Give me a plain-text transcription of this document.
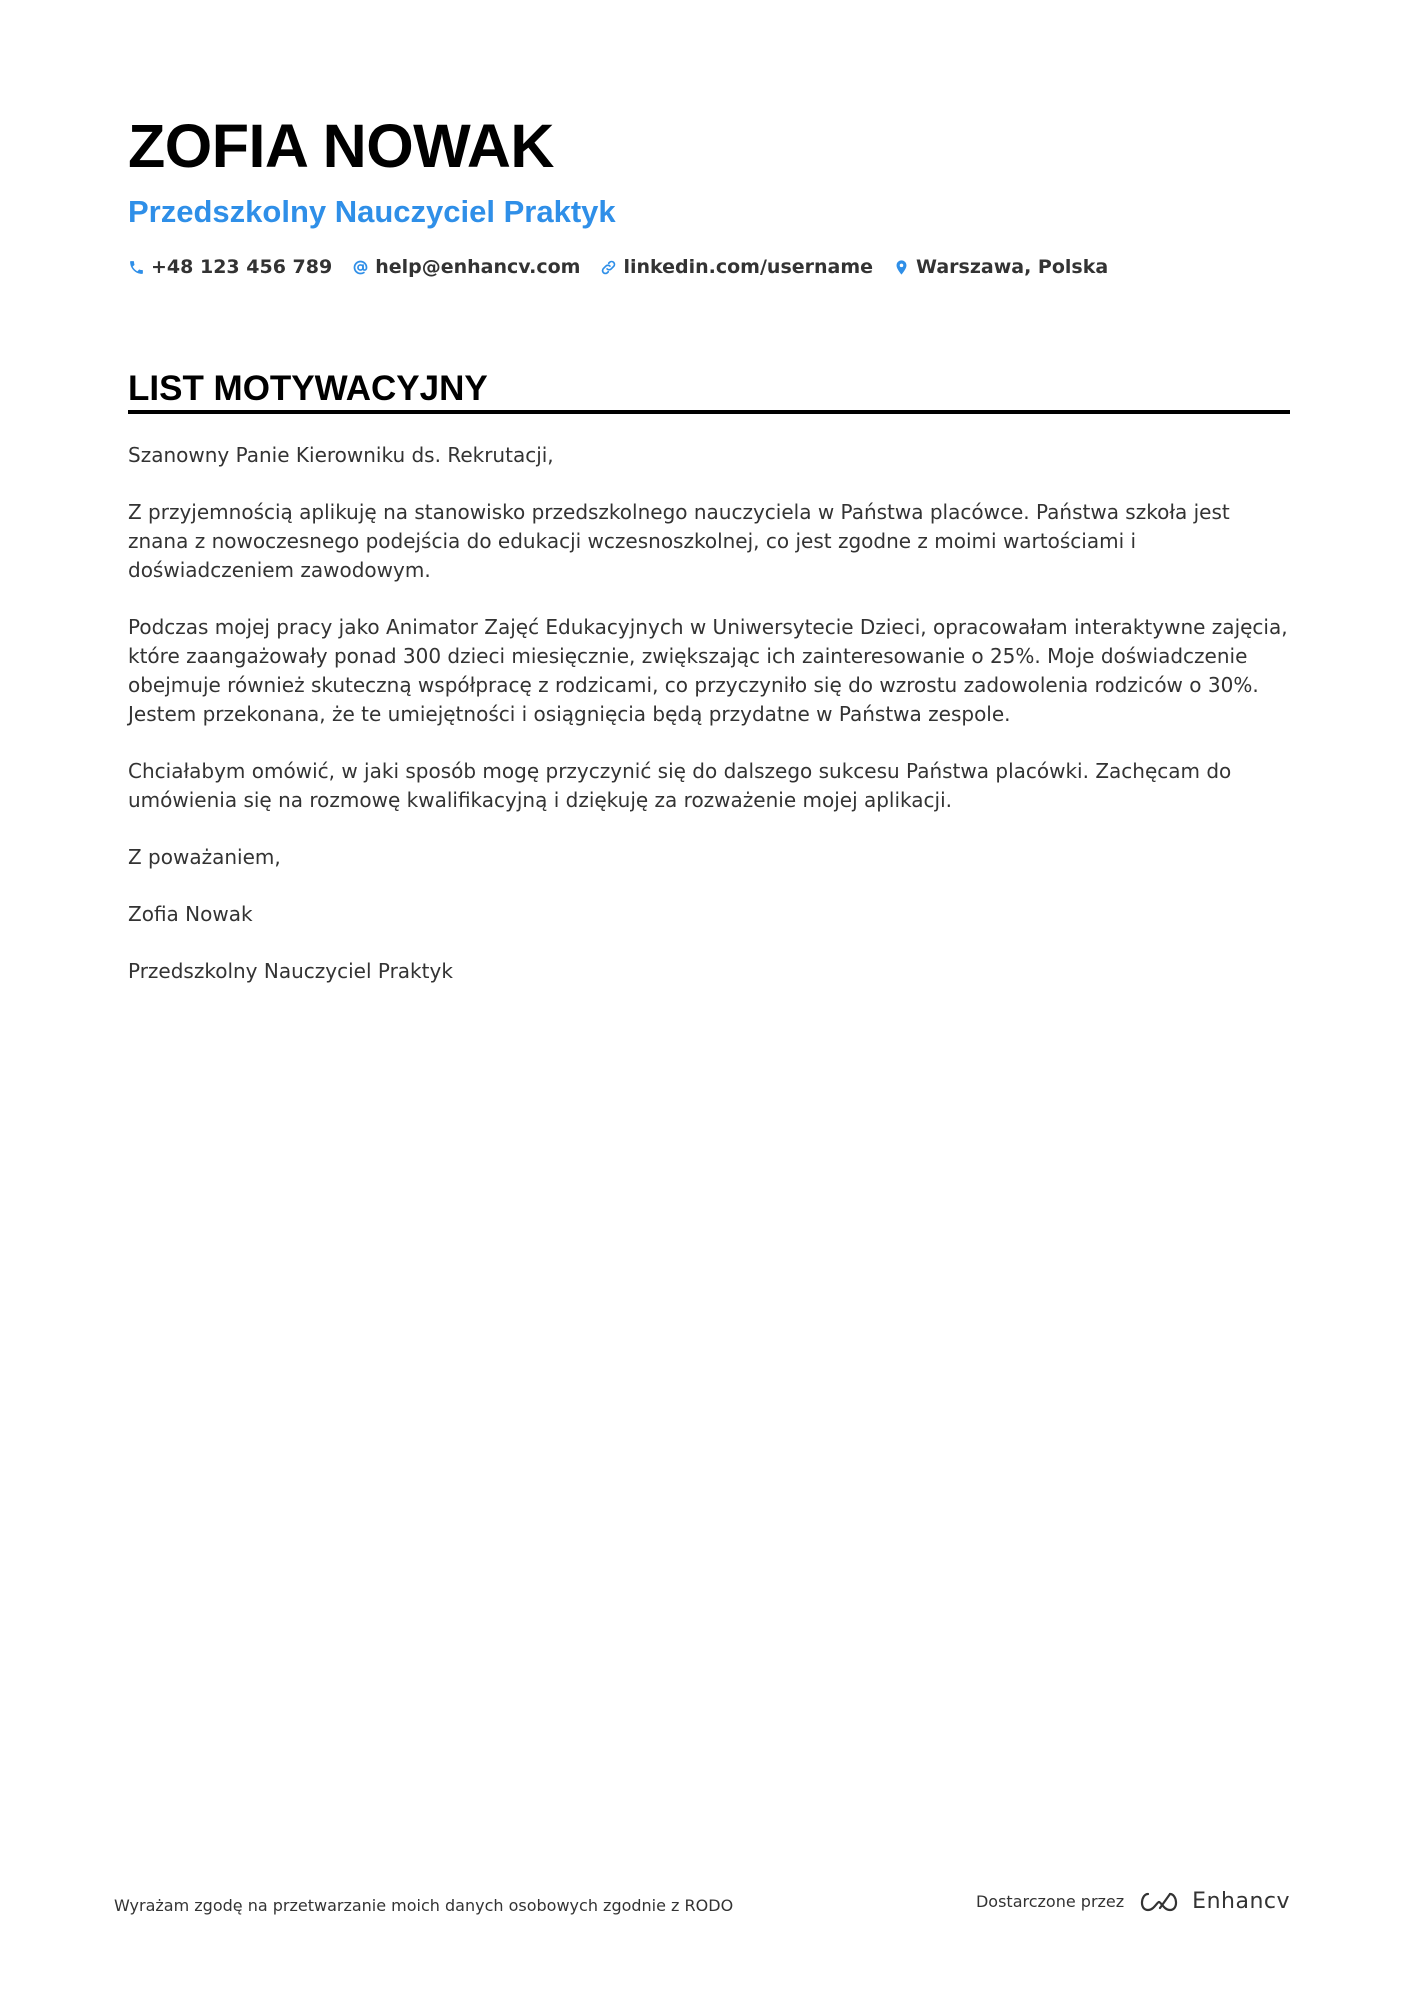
ZOFIA NOWAK
Przedszkolny Nauczyciel Praktyk
+48 123 456 789 help@enhancv.com linkedin.com/username Warszawa, Polska
LIST MOTYWACYJNY

Szanowny Panie Kierowniku ds. Rekrutacji,

Z przyjemnością aplikuję na stanowisko przedszkolnego nauczyciela w Państwa placówce. Państwa szkoła jest znana z nowoczesnego podejścia do edukacji wczesnoszkolnej, co jest zgodne z moimi wartościami i doświadczeniem zawodowym.

Podczas mojej pracy jako Animator Zajęć Edukacyjnych w Uniwersytecie Dzieci, opracowałam interaktywne zajęcia, które zaangażowały ponad 300 dzieci miesięcznie, zwiększając ich zainteresowanie o 25%. Moje doświadczenie obejmuje również skuteczną współpracę z rodzicami, co przyczyniło się do wzrostu zadowolenia rodziców o 30%. Jestem przekonana, że te umiejętności i osiągnięcia będą przydatne w Państwa zespole.

Chciałabym omówić, w jaki sposób mogę przyczynić się do dalszego sukcesu Państwa placówki. Zachęcam do umówienia się na rozmowę kwalifikacyjną i dziękuję za rozważenie mojej aplikacji.

Z poważaniem,

Zofia Nowak

Przedszkolny Nauczyciel Praktyk

Wyrażam zgodę na przetwarzanie moich danych osobowych zgodnie z RODO	Dostarczone przez	Enhancv
